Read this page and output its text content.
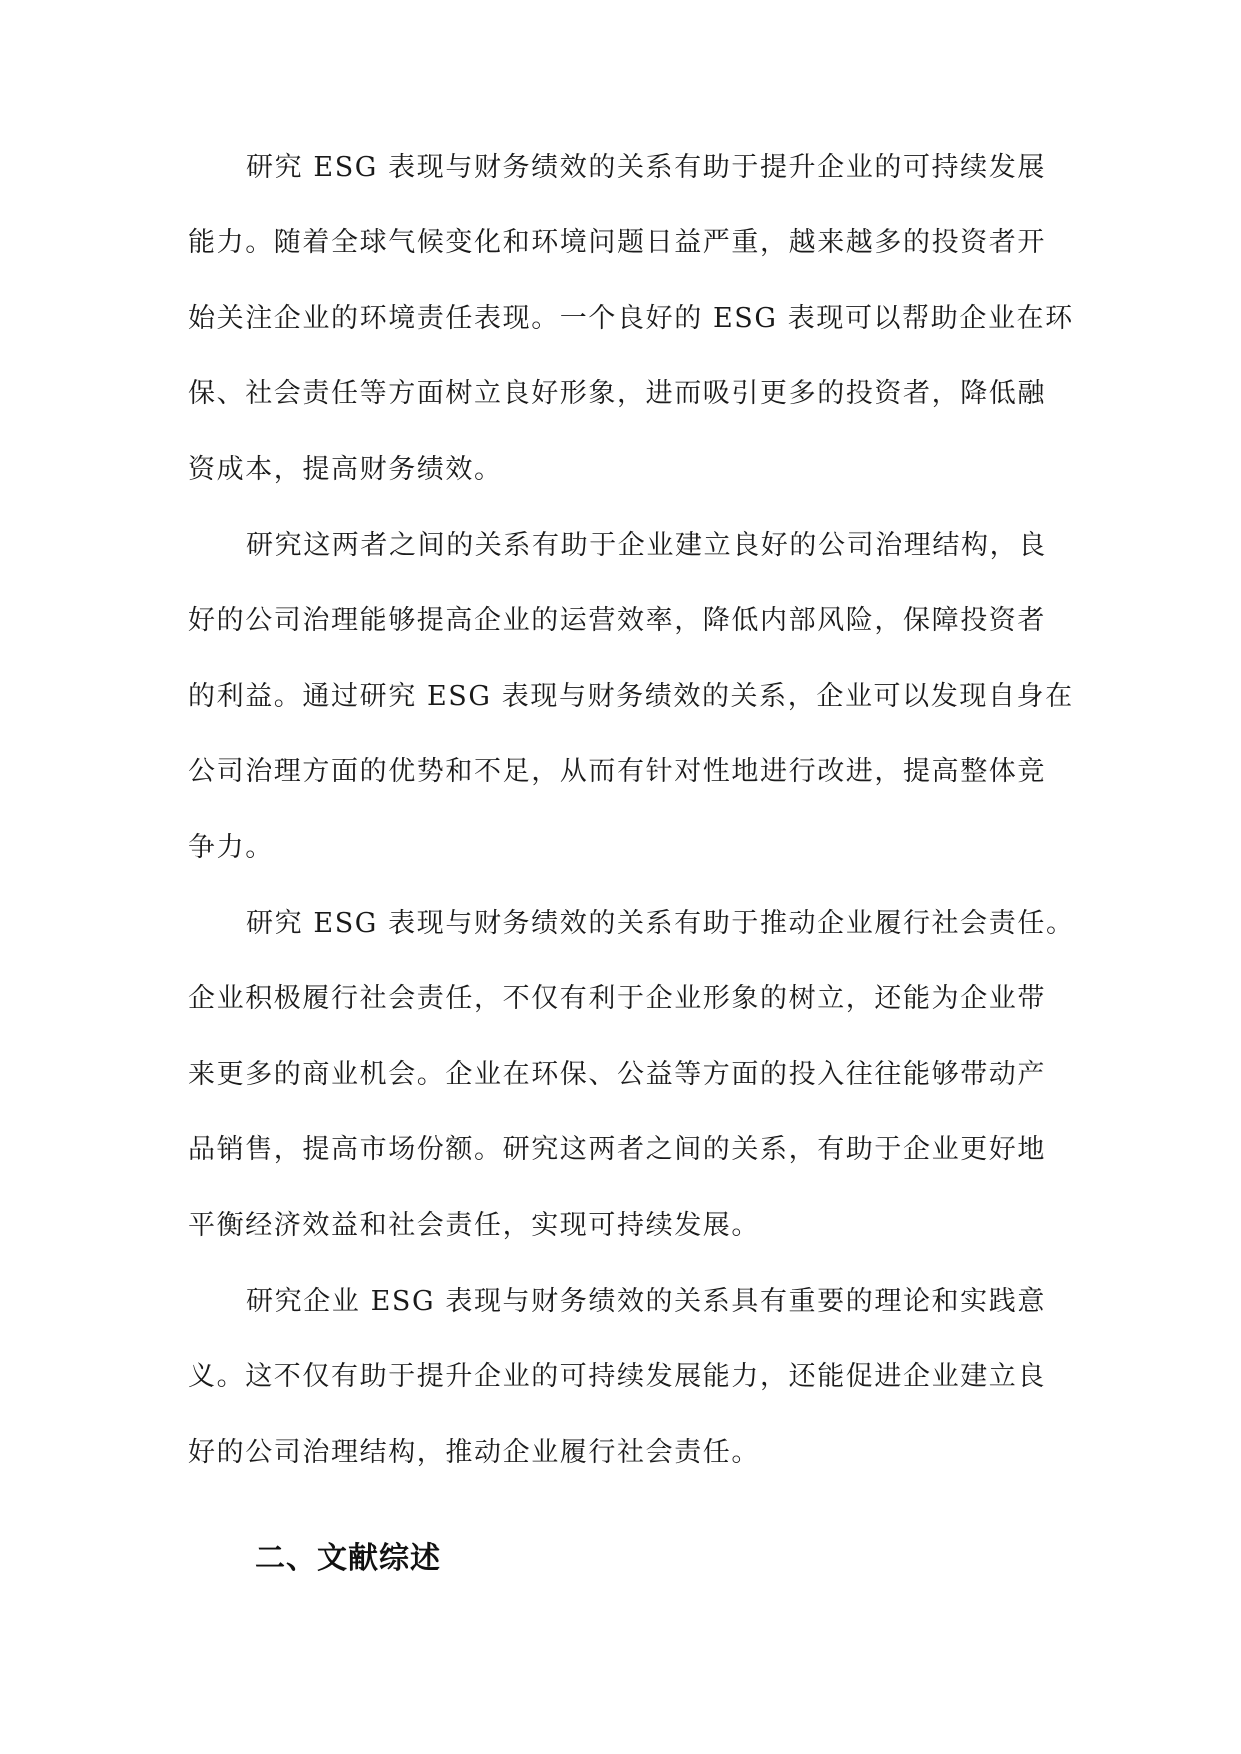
研究 ESG 表现与财务绩效的关系有助于提升企业的可持续发展

能力。随着全球气候变化和环境问题日益严重，越来越多的投资者开

始关注企业的环境责任表现。一个良好的 ESG 表现可以帮助企业在环

保、社会责任等方面树立良好形象，进而吸引更多的投资者，降低融

资成本，提高财务绩效。

研究这两者之间的关系有助于企业建立良好的公司治理结构，良

好的公司治理能够提高企业的运营效率，降低内部风险，保障投资者

的利益。通过研究 ESG 表现与财务绩效的关系，企业可以发现自身在

公司治理方面的优势和不足，从而有针对性地进行改进，提高整体竞

争力。

研究 ESG 表现与财务绩效的关系有助于推动企业履行社会责任。

企业积极履行社会责任，不仅有利于企业形象的树立，还能为企业带

来更多的商业机会。企业在环保、公益等方面的投入往往能够带动产

品销售，提高市场份额。研究这两者之间的关系，有助于企业更好地

平衡经济效益和社会责任，实现可持续发展。

研究企业 ESG 表现与财务绩效的关系具有重要的理论和实践意

义。这不仅有助于提升企业的可持续发展能力，还能促进企业建立良

好的公司治理结构，推动企业履行社会责任。

二、文献综述
